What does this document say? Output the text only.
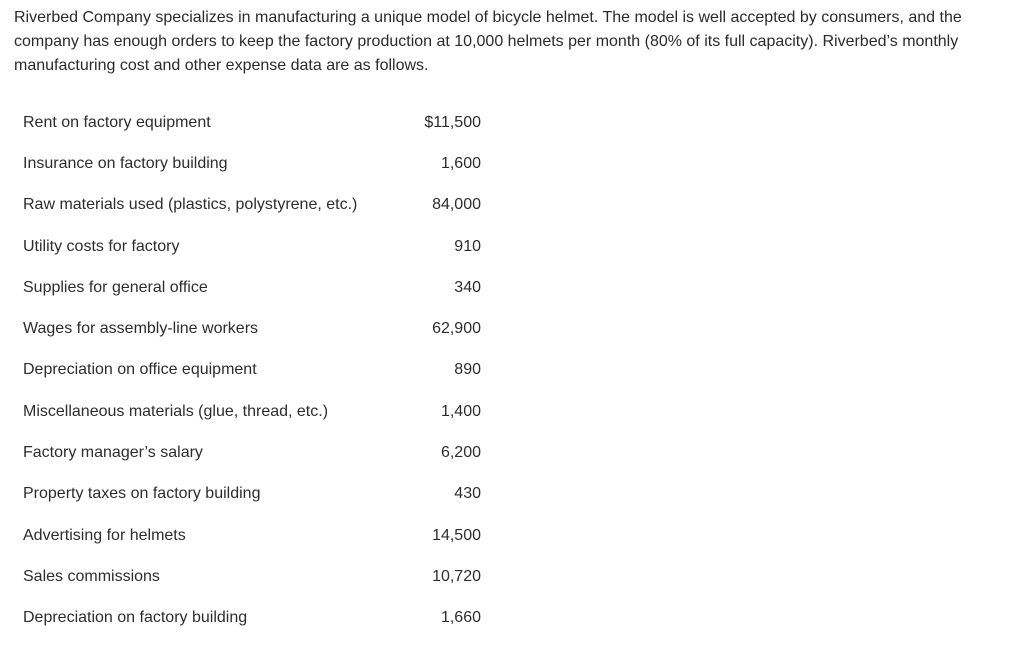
Riverbed Company specializes in manufacturing a unique model of bicycle helmet. The model is well accepted by consumers, and the company has enough orders to keep the factory production at 10,000 helmets per month (80% of its full capacity). Riverbed’s monthly manufacturing cost and other expense data are as follows.

Rent on factory equipment	$11,500
Insurance on factory building	1,600
Raw materials used (plastics, polystyrene, etc.)	84,000
Utility costs for factory	910
Supplies for general office	340
Wages for assembly-line workers	62,900
Depreciation on office equipment	890
Miscellaneous materials (glue, thread, etc.)	1,400
Factory manager’s salary	6,200
Property taxes on factory building	430
Advertising for helmets	14,500
Sales commissions	10,720
Depreciation on factory building	1,660
